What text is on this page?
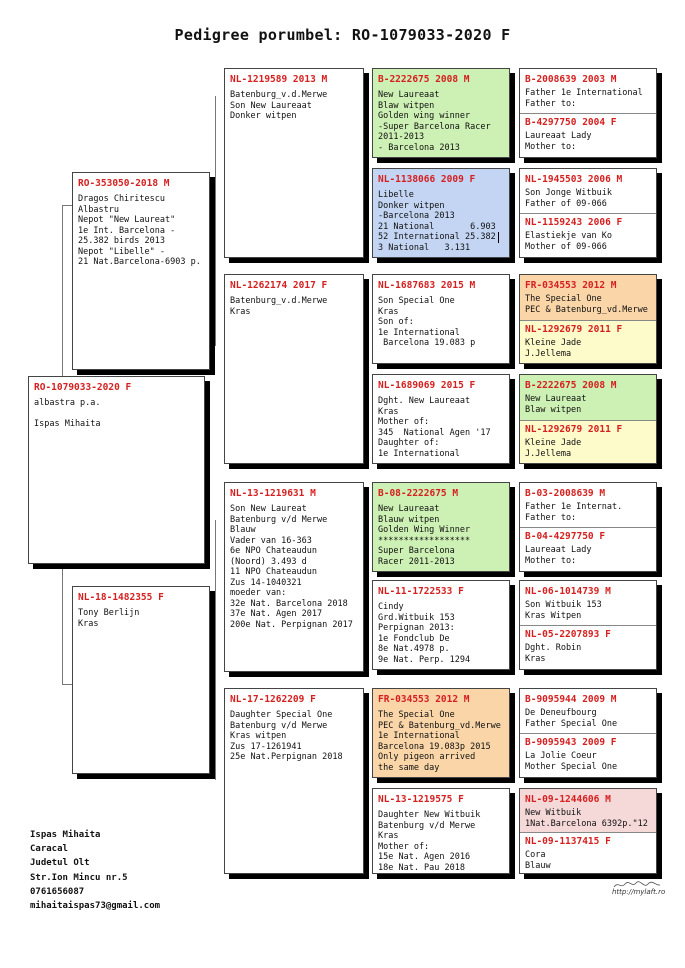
Pedigree porumbel: RO-1079033-2020 F
RO-1079033-2020 F
albastra p.a.

Ispas Mihaita
RO-353050-2018 M
Dragos Chiritescu
Albastru
Nepot "New Laureat"
1e Int. Barcelona -
25.382 birds 2013
Nepot "Libelle" -
21 Nat.Barcelona-6903 p.
NL-18-1482355 F
Tony Berlijn
Kras
NL-1219589 2013 M
Batenburg_v.d.Merwe
Son New Laureaat
Donker witpen
NL-1262174 2017 F
Batenburg_v.d.Merwe
Kras
NL-13-1219631 M
Son New Laureat
Batenburg v/d Merwe
Blauw
Vader van 16-363
6e NPO Chateaudun
(Noord) 3.493 d
11 NPO Chateaudun
Zus 14-1040321
moeder van:
32e Nat. Barcelona 2018
37e Nat. Agen 2017
200e Nat. Perpignan 2017
NL-17-1262209 F
Daughter Special One
Batenburg v/d Merwe
Kras witpen
Zus 17-1261941
25e Nat.Perpignan 2018
B-2222675 2008 M
New Laureaat
Blaw witpen
Golden wing winner
-Super Barcelona Racer
2011-2013
- Barcelona 2013
NL-1138066 2009 F
Libelle
Donker witpen
-Barcelona 2013
21 National       6.903
52 International 25.382
3 National   3.131
NL-1687683 2015 M
Son Special One
Kras
Son of:
1e International
Barcelona 19.083 p
NL-1689069 2015 F
Dght. New Laureaat
Kras
Mother of:
345  National Agen '17
Daughter of:
1e International
B-08-2222675 M
New Laureaat
Blauw witpen
Golden Wing Winner
******************
Super Barcelona
Racer 2011-2013
NL-11-1722533 F
Cindy
Grd.Witbuik 153
Perpignan 2013:
1e Fondclub De
8e Nat.4978 p.
9e Nat. Perp. 1294
FR-034553 2012 M
The Special One
PEC & Batenburg_vd.Merwe
1e International
Barcelona 19.083p 2015
Only pigeon arrived
the same day
NL-13-1219575 F
Daughter New Witbuik
Batenburg v/d Merwe
Kras
Mother of:
15e Nat. Agen 2016
18e Nat. Pau 2018
B-2008639 2003 M
Father 1e International
Father to:
B-4297750 2004 F
Laureaat Lady
Mother to:
NL-1945503 2006 M
Son Jonge Witbuik
Father of 09-066
NL-1159243 2006 F
Elastiekje van Ko
Mother of 09-066
FR-034553 2012 M
The Special One
PEC & Batenburg_vd.Merwe
NL-1292679 2011 F
Kleine Jade
J.Jellema
B-2222675 2008 M
New Laureaat
Blaw witpen
NL-1292679 2011 F
Kleine Jade
J.Jellema
B-03-2008639 M
Father 1e Internat.
Father to:
B-04-4297750 F
Laureaat Lady
Mother to:
NL-06-1014739 M
Son Witbuik 153
Kras Witpen
NL-05-2207893 F
Dght. Robin
Kras
B-9095944 2009 M
De Deneufbourg
Father Special One
B-9095943 2009 F
La Jolie Coeur
Mother Special One
NL-09-1244606 M
New Witbuik
1Nat.Barcelona 6392p."12
NL-09-1137415 F
Cora
Blauw
Ispas Mihaita
Caracal
Judetul Olt
Str.Ion Mincu nr.5
0761656087
mihaitaispas73@gmail.com
http://mylaft.ro
